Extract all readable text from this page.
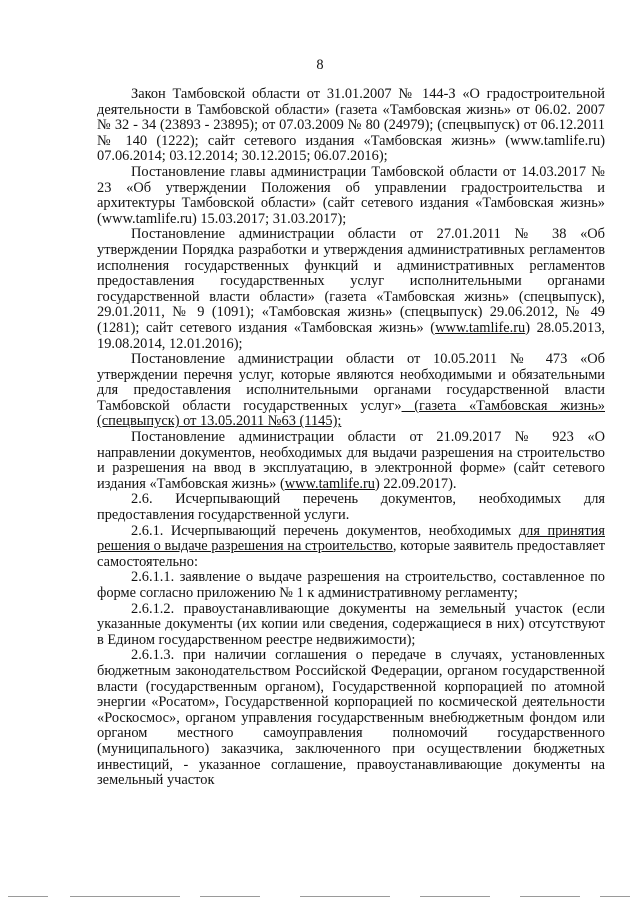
8

Закон Тамбовской области от 31.01.2007 № 144-З «О градостроительной деятельности в Тамбовской области» (газета «Тамбовская жизнь» от 06.02. 2007 № 32 - 34 (23893 - 23895); от 07.03.2009 № 80 (24979); (спецвыпуск) от 06.12.2011 № 140 (1222); сайт сетевого издания «Тамбовская жизнь» (www.tamlife.ru) 07.06.2014; 03.12.2014; 30.12.2015; 06.07.2016);

Постановление главы администрации Тамбовской области от 14.03.2017 № 23 «Об утверждении Положения об управлении градостроительства и архитектуры Тамбовской области» (сайт сетевого издания «Тамбовская жизнь» (www.tamlife.ru) 15.03.2017; 31.03.2017);

Постановление администрации области от 27.01.2011 № 38 «Об утверждении Порядка разработки и утверждения административных регламентов исполнения государственных функций и административных регламентов предоставления государственных услуг исполнительными органами государственной власти области» (газета «Тамбовская жизнь» (спецвыпуск), 29.01.2011, № 9 (1091); «Тамбовская жизнь» (спецвыпуск) 29.06.2012, № 49 (1281); сайт сетевого издания «Тамбовская жизнь» (www.tamlife.ru) 28.05.2013, 19.08.2014, 12.01.2016);

Постановление администрации области от 10.05.2011 № 473 «Об утверждении перечня услуг, которые являются необходимыми и обязательными для предоставления исполнительными органами государственной власти Тамбовской области государственных услуг» (газета «Тамбовская жизнь» (спецвыпуск) от 13.05.2011 №63 (1145);

Постановление администрации области от 21.09.2017 № 923 «О направлении документов, необходимых для выдачи разрешения на строительство и разрешения на ввод в эксплуатацию, в электронной форме» (сайт сетевого издания «Тамбовская жизнь» (www.tamlife.ru) 22.09.2017).

2.6. Исчерпывающий перечень документов, необходимых для предоставления государственной услуги.

2.6.1. Исчерпывающий перечень документов, необходимых для принятия решения о выдаче разрешения на строительство, которые заявитель предоставляет самостоятельно:

2.6.1.1. заявление о выдаче разрешения на строительство, составленное по форме согласно приложению № 1 к административному регламенту;

2.6.1.2. правоустанавливающие документы на земельный участок (если указанные документы (их копии или сведения, содержащиеся в них) отсутствуют в Едином государственном реестре недвижимости);

2.6.1.3. при наличии соглашения о передаче в случаях, установленных бюджетным законодательством Российской Федерации, органом государственной власти (государственным органом), Государственной корпорацией по атомной энергии «Росатом», Государственной корпорацией по космической деятельности «Роскосмос», органом управления государственным внебюджетным фондом или органом местного самоуправления полномочий государственного (муниципального) заказчика, заключенного при осуществлении бюджетных инвестиций, - указанное соглашение, правоустанавливающие документы на земельный участок
